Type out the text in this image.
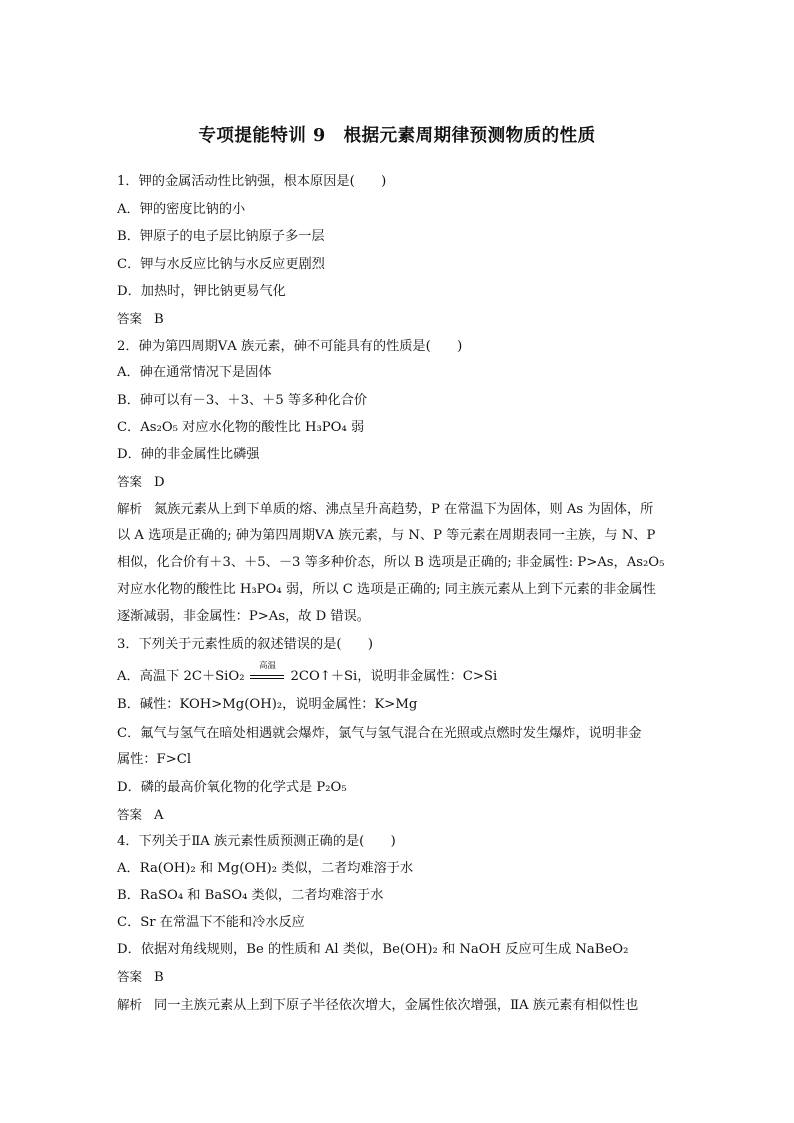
专项提能特训 9　根据元素周期律预测物质的性质
1．钾的金属活动性比钠强，根本原因是(　　)
A．钾的密度比钠的小
B．钾原子的电子层比钠原子多一层
C．钾与水反应比钠与水反应更剧烈
D．加热时，钾比钠更易气化
答案 B
2．砷为第四周期ⅤA 族元素，砷不可能具有的性质是(　　)
A．砷在通常情况下是固体
B．砷可以有－3、＋3、＋5 等多种化合价
C．As₂O₅ 对应水化物的酸性比 H₃PO₄ 弱
D．砷的非金属性比磷强
答案 D
解析 氮族元素从上到下单质的熔、沸点呈升高趋势，P 在常温下为固体，则 As 为固体，所
以 A 选项是正确的; 砷为第四周期ⅤA 族元素，与 N、P 等元素在周期表同一主族，与 N、P
相似，化合价有＋3、＋5、－3 等多种价态，所以 B 选项是正确的; 非金属性: P>As，As₂O₅
对应水化物的酸性比 H₃PO₄ 弱，所以 C 选项是正确的; 同主族元素从上到下元素的非金属性
逐渐减弱，非金属性：P>As，故 D 错误。
3．下列关于元素性质的叙述错误的是(　　)
A．高温下 2C＋SiO₂
高温
2CO↑＋Si，说明非金属性：C>Si
B．碱性：KOH>Mg(OH)₂，说明金属性：K>Mg
C．氟气与氢气在暗处相遇就会爆炸，氯气与氢气混合在光照或点燃时发生爆炸，说明非金
属性：F>Cl
D．磷的最高价氧化物的化学式是 P₂O₅
答案 A
4．下列关于ⅡA 族元素性质预测正确的是(　　)
A．Ra(OH)₂ 和 Mg(OH)₂ 类似，二者均难溶于水
B．RaSO₄ 和 BaSO₄ 类似，二者均难溶于水
C．Sr 在常温下不能和冷水反应
D．依据对角线规则，Be 的性质和 Al 类似，Be(OH)₂ 和 NaOH 反应可生成 NaBeO₂
答案 B
解析 同一主族元素从上到下原子半径依次增大，金属性依次增强，ⅡA 族元素有相似性也
